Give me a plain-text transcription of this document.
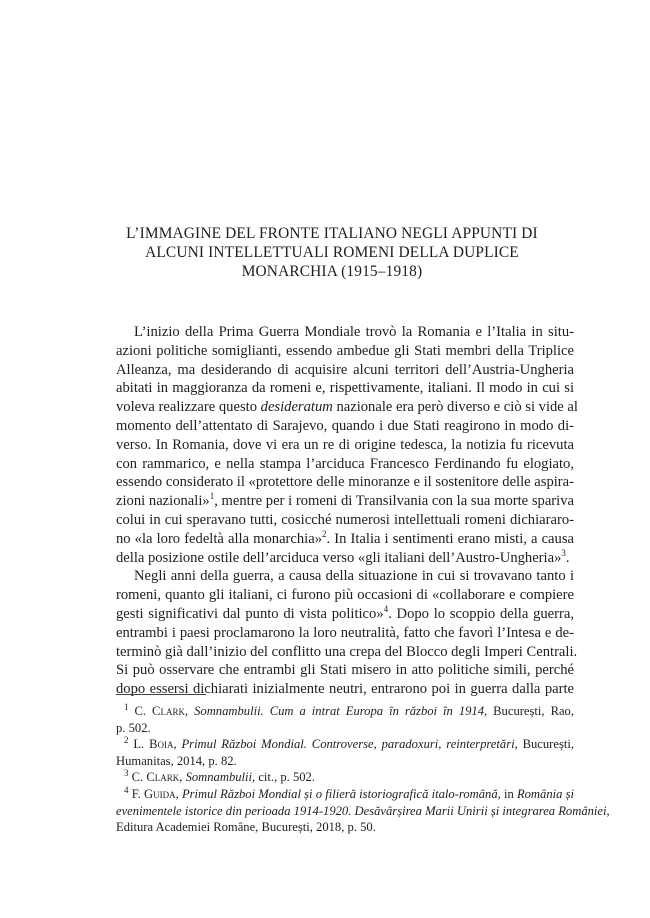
L’IMMAGINE DEL FRONTE ITALIANO NEGLI APPUNTI DI
ALCUNI INTELLETTUALI ROMENI DELLA DUPLICE
MONARCHIA (1915–1918)
L’inizio della Prima Guerra Mondiale trovò la Romania e l’Italia in situ-
azioni politiche somiglianti, essendo ambedue gli Stati membri della Triplice
Alleanza, ma desiderando di acquisire alcuni territori dell’Austria-Ungheria
abitati in maggioranza da romeni e, rispettivamente, italiani. Il modo in cui si
voleva realizzare questo desideratum nazionale era però diverso e ciò si vide al
momento dell’attentato di Sarajevo, quando i due Stati reagirono in modo di-
verso. In Romania, dove vi era un re di origine tedesca, la notizia fu ricevuta
con rammarico, e nella stampa l’arciduca Francesco Ferdinando fu elogiato,
essendo considerato il «protettore delle minoranze e il sostenitore delle aspira-
zioni nazionali»$^1$, mentre per i romeni di Transilvania con la sua morte spariva
colui in cui speravano tutti, cosicché numerosi intellettuali romeni dichiararo-
no «la loro fedeltà alla monarchia»$^2$. In Italia i sentimenti erano misti, a causa
della posizione ostile dell’arciduca verso «gli italiani dell’Austro-Ungheria»$^3$.
Negli anni della guerra, a causa della situazione in cui si trovavano tanto i
romeni, quanto gli italiani, ci furono più occasioni di «collaborare e compiere
gesti significativi dal punto di vista politico»$^4$. Dopo lo scoppio della guerra,
entrambi i paesi proclamarono la loro neutralità, fatto che favorì l’Intesa e de-
terminò già dall’inizio del conflitto una crepa del Blocco degli Imperi Centrali.
Si può osservare che entrambi gli Stati misero in atto politiche simili, perché
dopo essersi dichiarati inizialmente neutri, entrarono poi in guerra dalla parte
$^1$ C. Clark, Somnambulii. Cum a intrat Europa în război în 1914, București, Rao,
p. 502.
$^2$ L. Boia, Primul Război Mondial. Controverse, paradoxuri, reinterpretări, București,
Humanitas, 2014, p. 82.
$^3$ C. Clark, Somnambulii, cit., p. 502.
$^4$ F. Guida, Primul Război Mondial și o filieră istoriografică italo-română, in România și
evenimentele istorice din perioada 1914-1920. Desăvârșirea Marii Unirii și integrarea României,
Editura Academiei Române, București, 2018, p. 50.
